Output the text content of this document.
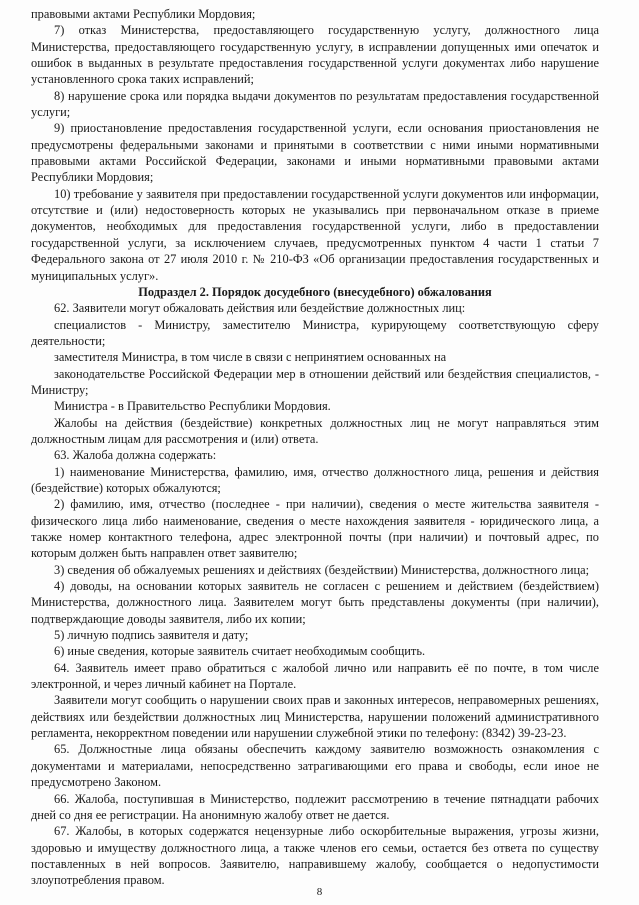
правовыми актами Республики Мордовия;

7) отказ Министерства, предоставляющего государственную услугу, должностного лица Министерства, предоставляющего государственную услугу, в исправлении допущенных ими опечаток и ошибок в выданных в результате предоставления государственной услуги документах либо нарушение установленного срока таких исправлений;

8) нарушение срока или порядка выдачи документов по результатам предоставления государственной услуги;

9) приостановление предоставления государственной услуги, если основания приостановления не предусмотрены федеральными законами и принятыми в соответствии с ними иными нормативными правовыми актами Российской Федерации, законами и иными нормативными правовыми актами Республики Мордовия;

10) требование у заявителя при предоставлении государственной услуги документов или информации, отсутствие и (или) недостоверность которых не указывались при первоначальном отказе в приеме документов, необходимых для предоставления государственной услуги, либо в предоставлении государственной услуги, за исключением случаев, предусмотренных пунктом 4 части 1 статьи 7 Федерального закона от 27 июля 2010 г. № 210-ФЗ «Об организации предоставления государственных и муниципальных услуг».

Подраздел 2. Порядок досудебного (внесудебного) обжалования

62. Заявители могут обжаловать действия или бездействие должностных лиц:

специалистов - Министру, заместителю Министра, курирующему соответствующую сферу деятельности;

заместителя Министра, в том числе в связи с непринятием основанных на

законодательстве Российской Федерации мер в отношении действий или бездействия специалистов, - Министру;

Министра - в Правительство Республики Мордовия.

Жалобы на действия (бездействие) конкретных должностных лиц не могут направляться этим должностным лицам для рассмотрения и (или) ответа.

63. Жалоба должна содержать:

1) наименование Министерства, фамилию, имя, отчество должностного лица, решения и действия (бездействие) которых обжалуются;

2) фамилию, имя, отчество (последнее - при наличии), сведения о месте жительства заявителя - физического лица либо наименование, сведения о месте нахождения заявителя - юридического лица, а также номер контактного телефона, адрес электронной почты (при наличии) и почтовый адрес, по которым должен быть направлен ответ заявителю;

3) сведения об обжалуемых решениях и действиях (бездействии) Министерства, должностного лица;

4) доводы, на основании которых заявитель не согласен с решением и действием (бездействием) Министерства, должностного лица. Заявителем могут быть представлены документы (при наличии), подтверждающие доводы заявителя, либо их копии;

5) личную подпись заявителя и дату;

6) иные сведения, которые заявитель считает необходимым сообщить.

64. Заявитель имеет право обратиться с жалобой лично или направить её по почте, в том числе электронной, и через личный кабинет на Портале.

Заявители могут сообщить о нарушении своих прав и законных интересов, неправомерных решениях, действиях или бездействии должностных лиц Министерства, нарушении положений административного регламента, некорректном поведении или нарушении служебной этики по телефону: (8342) 39-23-23.

65. Должностные лица обязаны обеспечить каждому заявителю возможность ознакомления с документами и материалами, непосредственно затрагивающими его права и свободы, если иное не предусмотрено Законом.

66. Жалоба, поступившая в Министерство, подлежит рассмотрению в течение пятнадцати рабочих дней со дня ее регистрации. На анонимную жалобу ответ не дается.

67. Жалобы, в которых содержатся нецензурные либо оскорбительные выражения, угрозы жизни, здоровью и имуществу должностного лица, а также членов его семьи, остается без ответа по существу поставленных в ней вопросов. Заявителю, направившему жалобу, сообщается о недопустимости злоупотребления правом.

8
